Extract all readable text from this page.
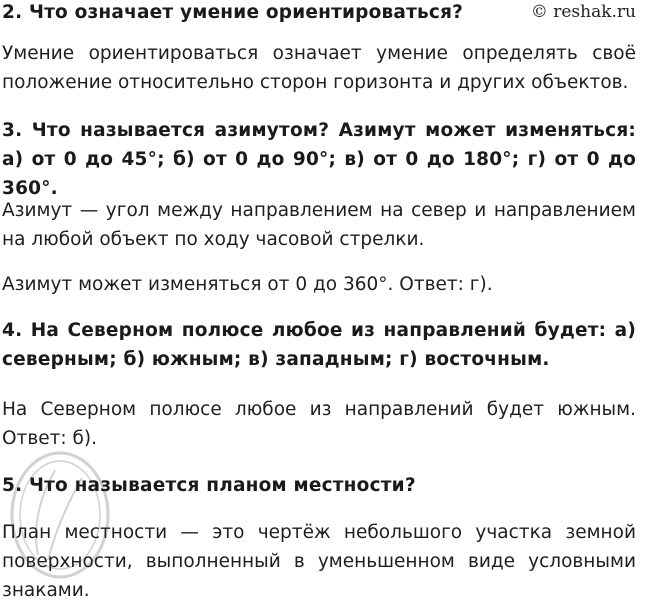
© reshak.ru

2. Что означает умение ориентироваться?

Умение ориентироваться означает умение определять своё положение относительно сторон горизонта и других объектов.

3. Что называется азимутом? Азимут может изменяться: а) от 0 до 45°; б) от 0 до 90°; в) от 0 до 180°; г) от 0 до 360°.

Азимут — угол между направлением на север и направлением на любой объект по ходу часовой стрелки.

Азимут может изменяться от 0 до 360°. Ответ: г).

4. На Северном полюсе любое из направлений будет: а) северным; б) южным; в) западным; г) восточным.

На Северном полюсе любое из направлений будет южным. Ответ: б).

5. Что называется планом местности?

План местности — это чертёж небольшого участка земной поверхности, выполненный в уменьшенном виде условными знаками.
